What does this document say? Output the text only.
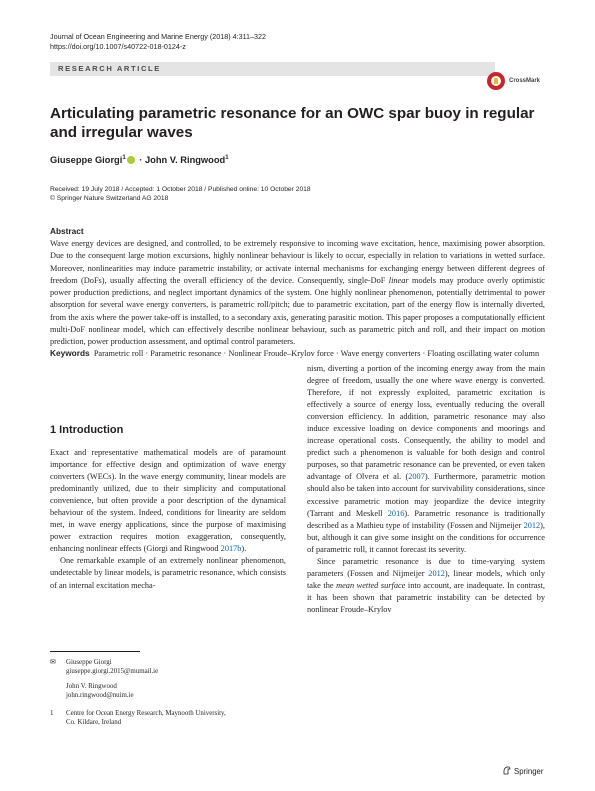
Journal of Ocean Engineering and Marine Energy (2018) 4:311–322
https://doi.org/10.1007/s40722-018-0124-z
RESEARCH ARTICLE
CrossMark
Articulating parametric resonance for an OWC spar buoy in regular and irregular waves
Giuseppe Giorgi$^1$ · John V. Ringwood$^1$
Received: 19 July 2018 / Accepted: 1 October 2018 / Published online: 10 October 2018
© Springer Nature Switzerland AG 2018
Abstract
Wave energy devices are designed, and controlled, to be extremely responsive to incoming wave excitation, hence, maximising power absorption. Due to the consequent large motion excursions, highly nonlinear behaviour is likely to occur, especially in relation to variations in wetted surface. Moreover, nonlinearities may induce parametric instability, or activate internal mechanisms for exchanging energy between different degrees of freedom (DoFs), usually affecting the overall efficiency of the device. Consequently, single-DoF linear models may produce overly optimistic power production predictions, and neglect important dynamics of the system. One highly nonlinear phenomenon, potentially detrimental to power absorption for several wave energy converters, is parametric roll/pitch; due to parametric excitation, part of the energy flow is internally diverted, from the axis where the power take-off is installed, to a secondary axis, generating parasitic motion. This paper proposes a computationally efficient multi-DoF nonlinear model, which can effectively describe nonlinear behaviour, such as parametric pitch and roll, and their impact on motion prediction, power production assessment, and optimal control parameters.
Keywords Parametric roll · Parametric resonance · Nonlinear Froude–Krylov force · Wave energy converters · Floating oscillating water column
1 Introduction

Exact and representative mathematical models are of paramount importance for effective design and optimization of wave energy converters (WECs). In the wave energy community, linear models are predominantly utilized, due to their simplicity and computational convenience, but often provide a poor description of the dynamical behaviour of the system. Indeed, conditions for linearity are seldom met, in wave energy applications, since the purpose of maximising power extraction requires motion exaggeration, consequently, enhancing nonlinear effects (Giorgi and Ringwood 2017b).

One remarkable example of an extremely nonlinear phenomenon, undetectable by linear models, is parametric resonance, which consists of an internal excitation mecha-

nism, diverting a portion of the incoming energy away from the main degree of freedom, usually the one where wave energy is converted. Therefore, if not expressly exploited, parametric excitation is effectively a source of energy loss, eventually reducing the overall conversion efficiency. In addition, parametric resonance may also induce excessive loading on device components and moorings and increase operational costs. Consequently, the ability to model and predict such a phenomenon is valuable for both design and control purposes, so that parametric resonance can be prevented, or even taken advantage of Olvera et al. (2007). Furthermore, parametric motion should also be taken into account for survivability considerations, since excessive parametric motion may jeopardize the device integrity (Tarrant and Meskell 2016). Parametric resonance is traditionally described as a Mathieu type of instability (Fossen and Nijmeijer 2012), but, although it can give some insight on the conditions for occurrence of parametric roll, it cannot forecast its severity.

Since parametric resonance is due to time-varying system parameters (Fossen and Nijmeijer 2012), linear models, which only take the mean wetted surface into account, are inadequate. In contrast, it has been shown that parametric instability can be detected by nonlinear Froude–Krylov

✉ Giuseppe Giorgi
giuseppe.giorgi.2015@mumail.ie
John V. Ringwood
john.ringwood@nuim.ie
1 Centre for Ocean Energy Research, Maynooth University,
Co. Kildare, Ireland
Springer
